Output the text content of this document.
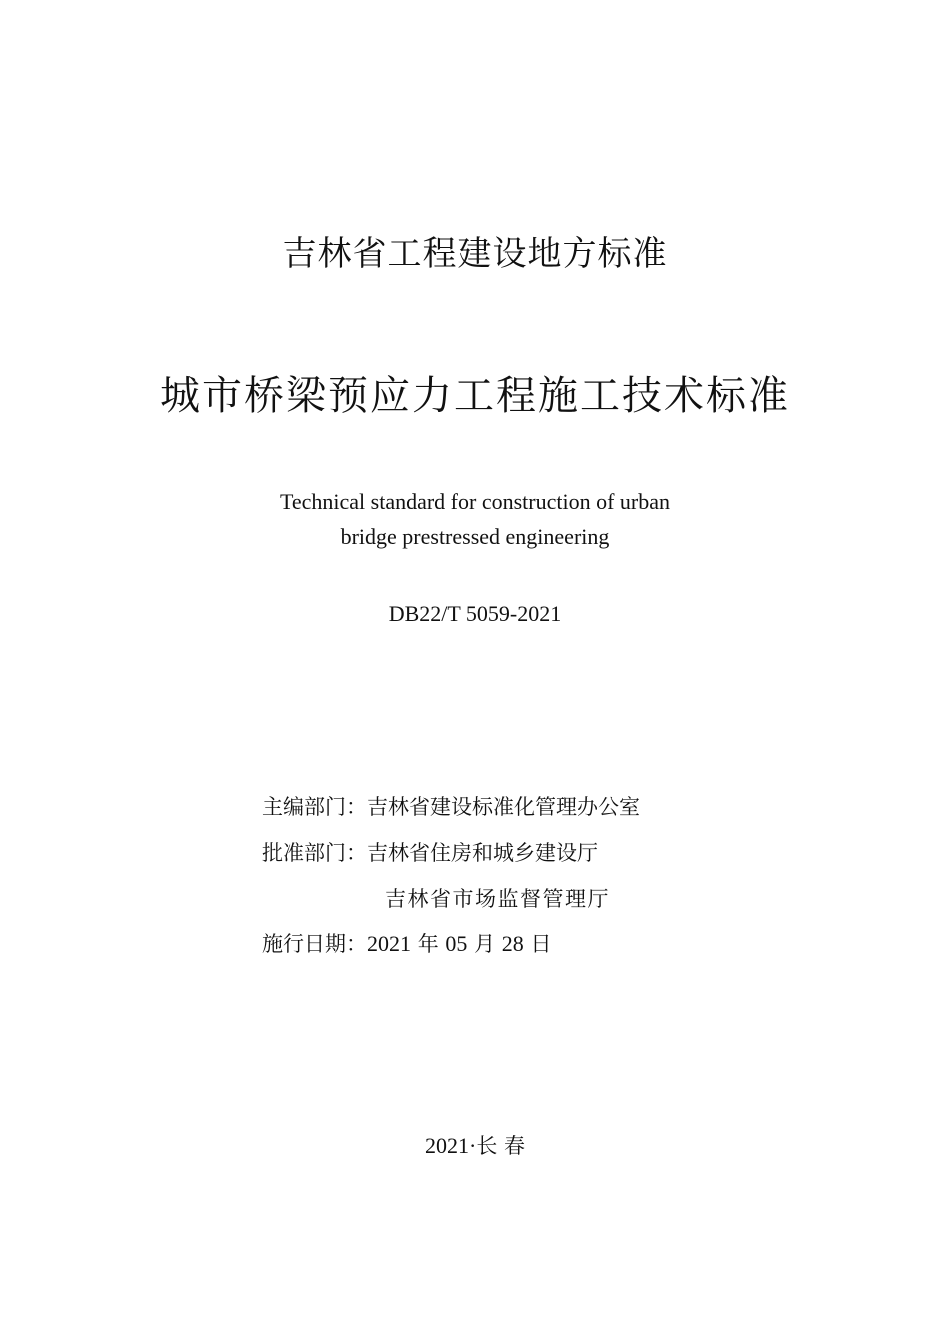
吉林省工程建设地方标准
城市桥梁预应力工程施工技术标准
Technical standard for construction of urban
bridge prestressed engineering
DB22/T 5059-2021
主编部门：吉林省建设标准化管理办公室
批准部门：吉林省住房和城乡建设厅
吉林省市场监督管理厅
施行日期：2021 年 05 月 28 日
2021·长 春
